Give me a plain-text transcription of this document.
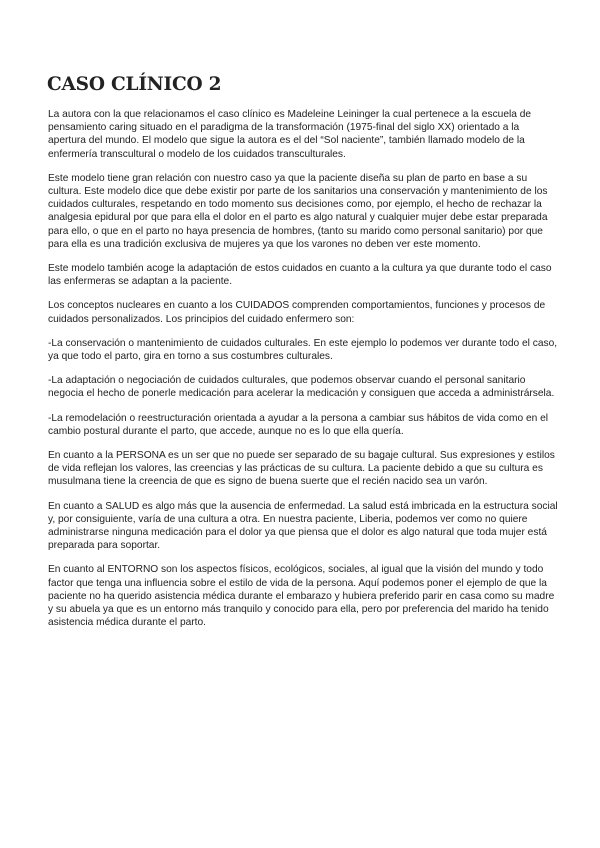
CASO CLÍNICO 2

La autora con la que relacionamos el caso clínico es Madeleine Leininger la cual pertenece a la escuela de pensamiento caring situado en el paradigma de la transformación (1975-final del siglo XX) orientado a la apertura del mundo. El modelo que sigue la autora es el del “Sol naciente”, también llamado modelo de la enfermería transcultural o modelo de los cuidados transculturales.

Este modelo tiene gran relación con nuestro caso ya que la paciente diseña su plan de parto en base a su cultura. Este modelo dice que debe existir por parte de los sanitarios una conservación y mantenimiento de los cuidados culturales, respetando en todo momento sus decisiones como, por ejemplo, el hecho de rechazar la analgesia epidural por que para ella el dolor en el parto es algo natural y cualquier mujer debe estar preparada para ello, o que en el parto no haya presencia de hombres, (tanto su marido como personal sanitario) por que para ella es una tradición exclusiva de mujeres ya que los varones no deben ver este momento.

Este modelo también acoge la adaptación de estos cuidados en cuanto a la cultura ya que durante todo el caso las enfermeras se adaptan a la paciente.

Los conceptos nucleares en cuanto a los CUIDADOS comprenden comportamientos, funciones y procesos de cuidados personalizados. Los principios del cuidado enfermero son:

-La conservación o mantenimiento de cuidados culturales. En este ejemplo lo podemos ver durante todo el caso, ya que todo el parto, gira en torno a sus costumbres culturales.

-La adaptación o negociación de cuidados culturales, que podemos observar cuando el personal sanitario negocia el hecho de ponerle medicación para acelerar la medicación y consiguen que acceda a administrársela.

-La remodelación o reestructuración orientada a ayudar a la persona a cambiar sus hábitos de vida como en el cambio postural durante el parto, que accede, aunque no es lo que ella quería.

En cuanto a la PERSONA es un ser que no puede ser separado de su bagaje cultural. Sus expresiones y estilos de vida reflejan los valores, las creencias y las prácticas de su cultura. La paciente debido a que su cultura es musulmana tiene la creencia de que es signo de buena suerte que el recién nacido sea un varón.

En cuanto a SALUD es algo más que la ausencia de enfermedad. La salud está imbricada en la estructura social y, por consiguiente, varía de una cultura a otra. En nuestra paciente, Liberia, podemos ver como no quiere administrarse ninguna medicación para el dolor ya que piensa que el dolor es algo natural que toda mujer está preparada para soportar.

En cuanto al ENTORNO son los aspectos físicos, ecológicos, sociales, al igual que la visión del mundo y todo factor que tenga una influencia sobre el estilo de vida de la persona. Aquí podemos poner el ejemplo de que la paciente no ha querido asistencia médica durante el embarazo y hubiera preferido parir en casa como su madre y su abuela ya que es un entorno más tranquilo y conocido para ella, pero por preferencia del marido ha tenido asistencia médica durante el parto.
